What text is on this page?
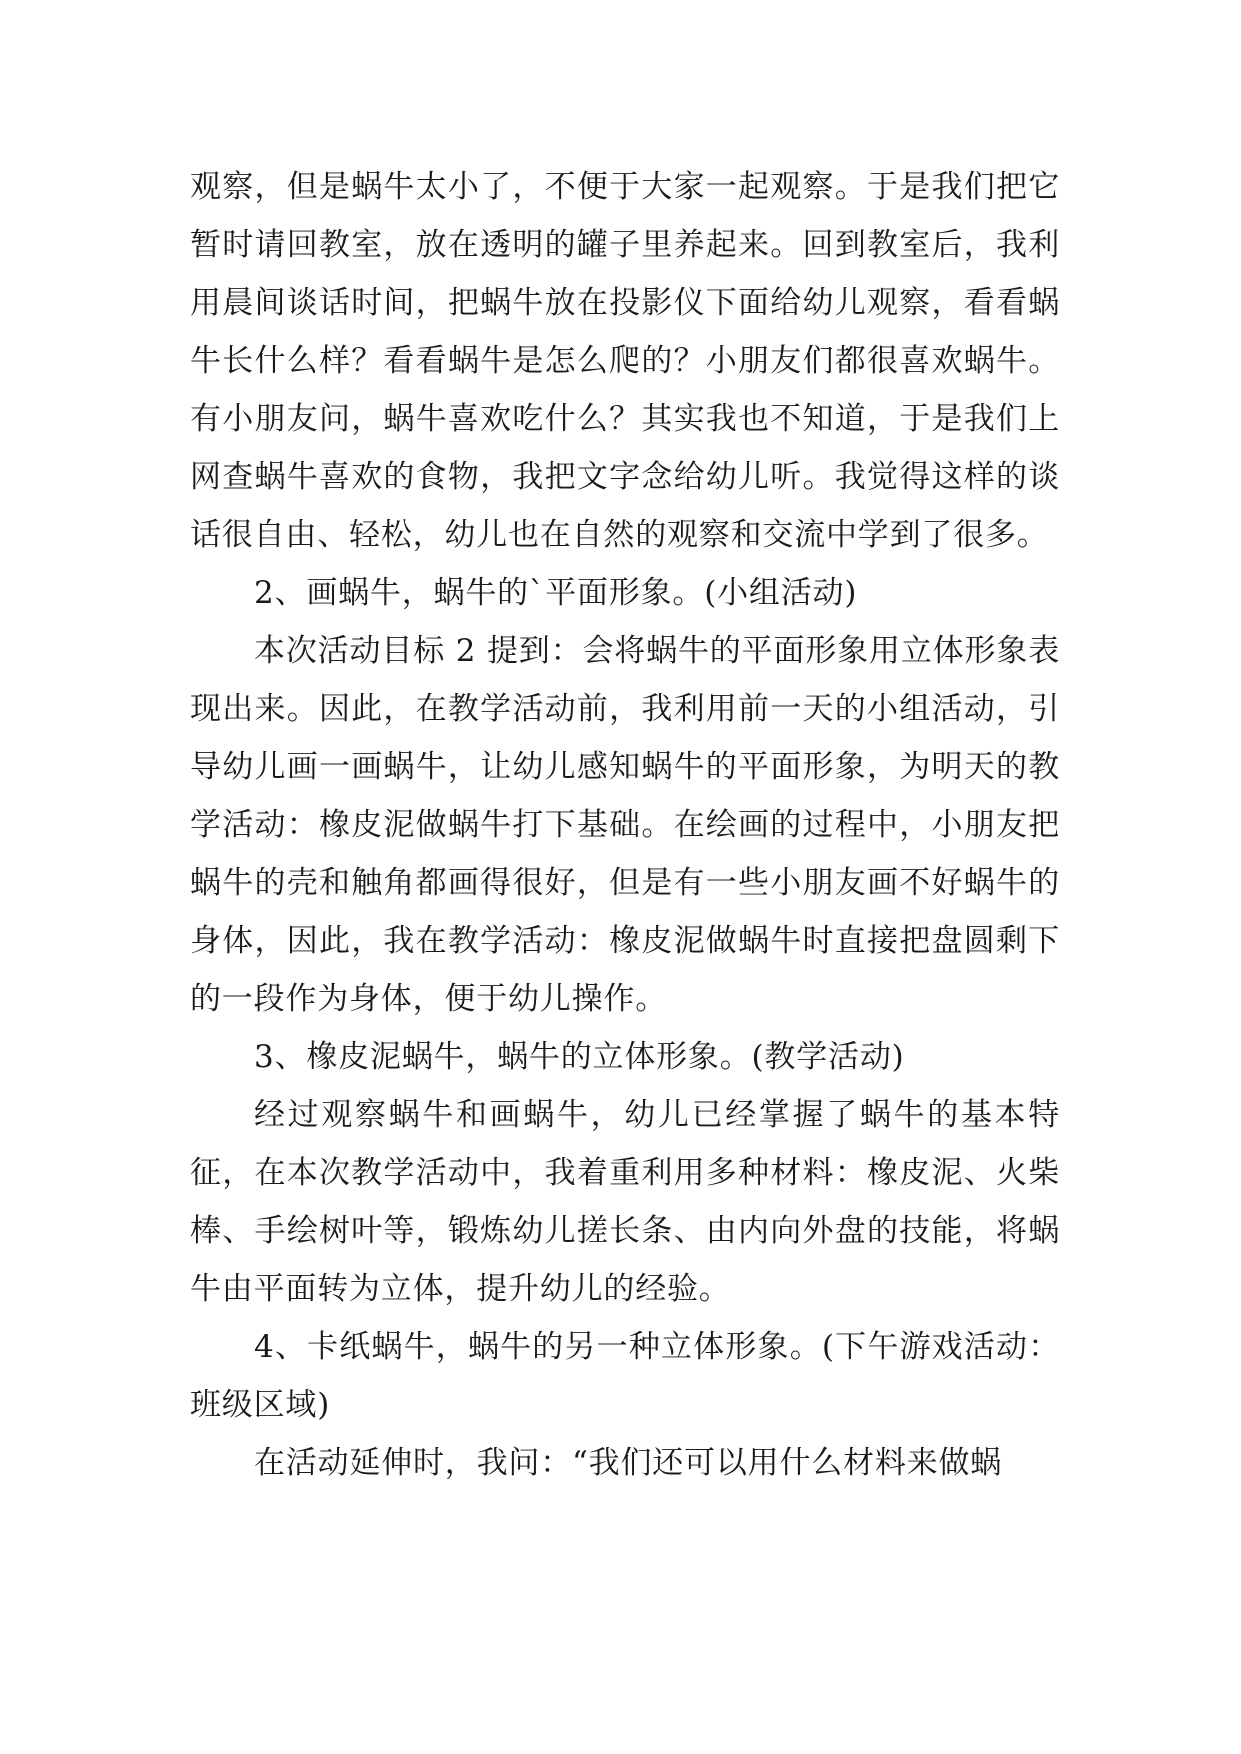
观察，但是蜗牛太小了，不便于大家一起观察。于是我们把它暂时请回教室，放在透明的罐子里养起来。回到教室后，我利用晨间谈话时间，把蜗牛放在投影仪下面给幼儿观察，看看蜗牛长什么样？看看蜗牛是怎么爬的？小朋友们都很喜欢蜗牛。有小朋友问，蜗牛喜欢吃什么？其实我也不知道，于是我们上网查蜗牛喜欢的食物，我把文字念给幼儿听。我觉得这样的谈话很自由、轻松，幼儿也在自然的观察和交流中学到了很多。

2、画蜗牛，蜗牛的`平面形象。(小组活动)

本次活动目标 2 提到：会将蜗牛的平面形象用立体形象表现出来。因此，在教学活动前，我利用前一天的小组活动，引导幼儿画一画蜗牛，让幼儿感知蜗牛的平面形象，为明天的教学活动：橡皮泥做蜗牛打下基础。在绘画的过程中，小朋友把蜗牛的壳和触角都画得很好，但是有一些小朋友画不好蜗牛的身体，因此，我在教学活动：橡皮泥做蜗牛时直接把盘圆剩下的一段作为身体，便于幼儿操作。

3、橡皮泥蜗牛，蜗牛的立体形象。(教学活动)

经过观察蜗牛和画蜗牛，幼儿已经掌握了蜗牛的基本特征，在本次教学活动中，我着重利用多种材料：橡皮泥、火柴棒、手绘树叶等，锻炼幼儿搓长条、由内向外盘的技能，将蜗牛由平面转为立体，提升幼儿的经验。

4、卡纸蜗牛，蜗牛的另一种立体形象。(下午游戏活动：班级区域)

在活动延伸时，我问：“我们还可以用什么材料来做蜗
